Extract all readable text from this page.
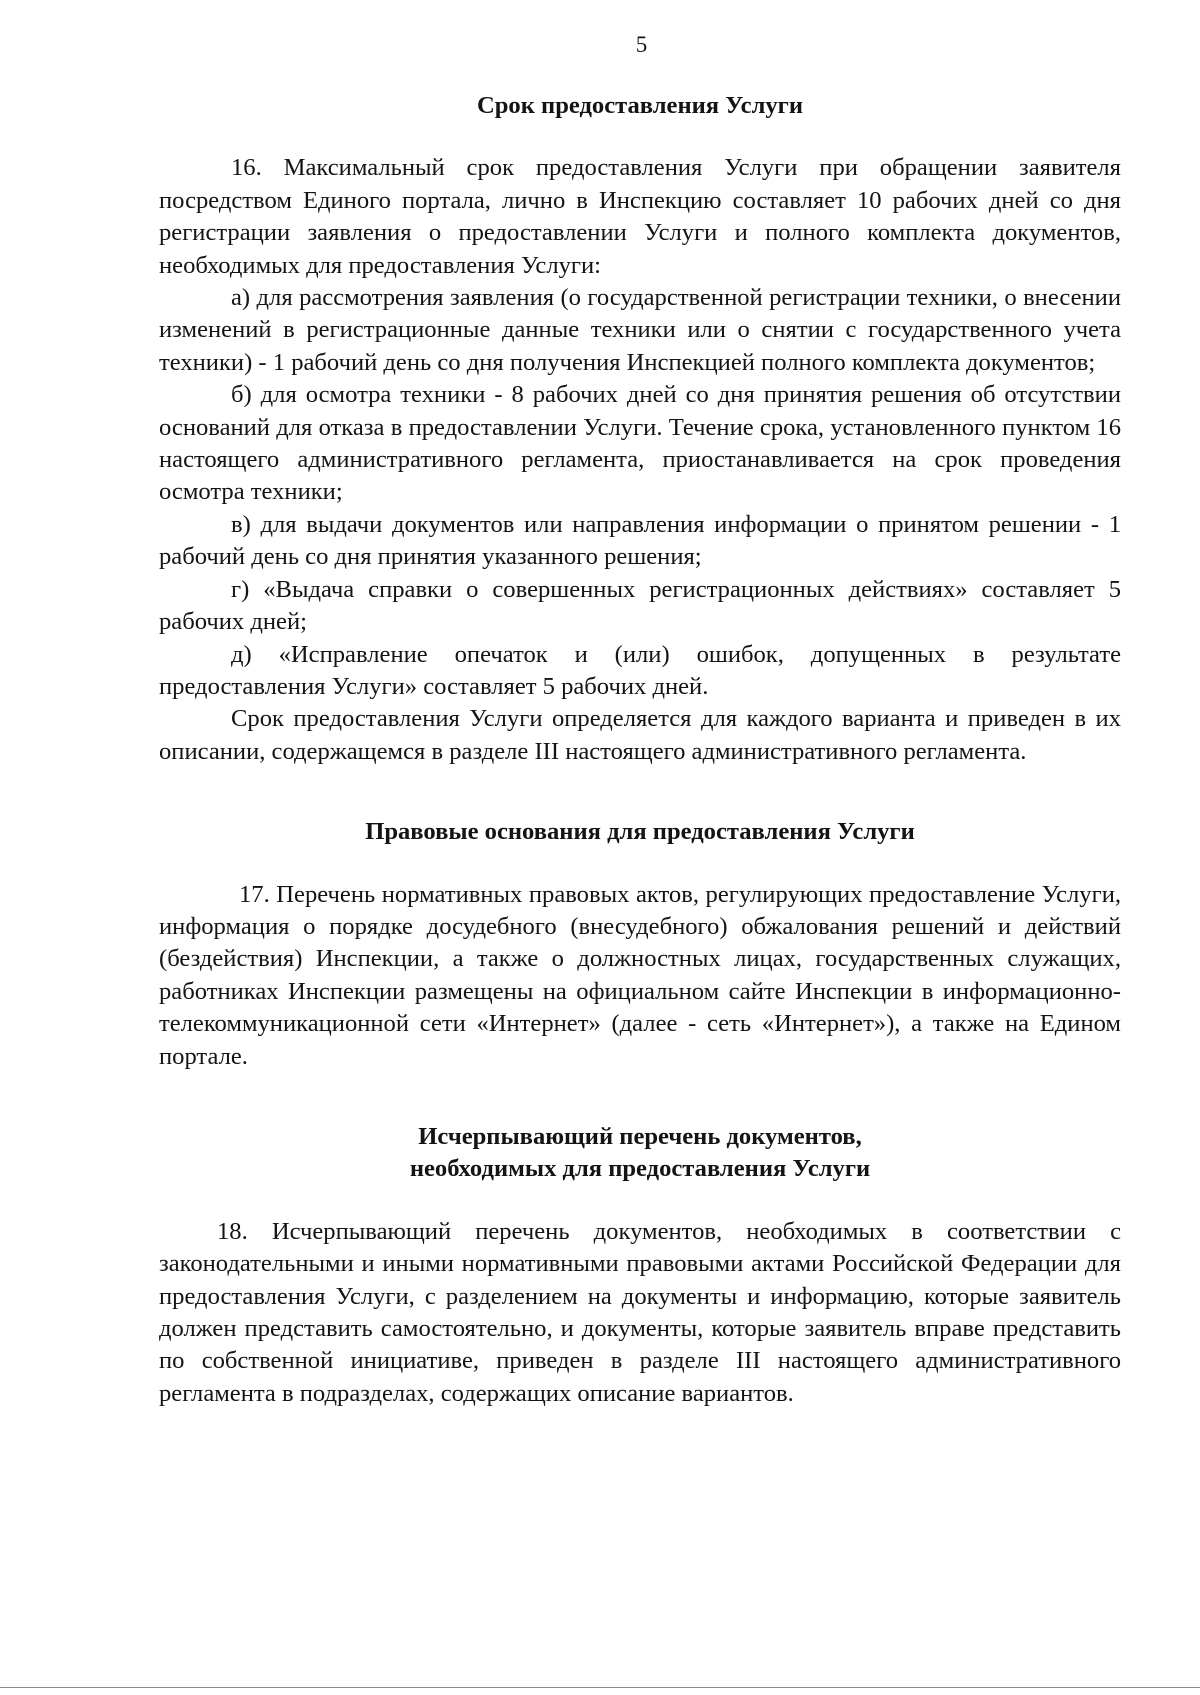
5

Срок предоставления Услуги

16. Максимальный срок предоставления Услуги при обращении заявителя посредством Единого портала, лично в Инспекцию составляет 10 рабочих дней со дня регистрации заявления о предоставлении Услуги и полного комплекта документов, необходимых для предоставления Услуги:

а) для рассмотрения заявления (о государственной регистрации техники, о внесении изменений в регистрационные данные техники или о снятии с государственного учета техники) - 1 рабочий день со дня получения Инспекцией полного комплекта документов;

б) для осмотра техники - 8 рабочих дней со дня принятия решения об отсутствии оснований для отказа в предоставлении Услуги. Течение срока, установленного пунктом 16 настоящего административного регламента, приостанавливается на срок проведения осмотра техники;

в) для выдачи документов или направления информации о принятом решении - 1 рабочий день со дня принятия указанного решения;

г) «Выдача справки о совершенных регистрационных действиях» составляет 5 рабочих дней;

д) «Исправление опечаток и (или) ошибок, допущенных в результате предоставления Услуги» составляет 5 рабочих дней.

Срок предоставления Услуги определяется для каждого варианта и приведен в их описании, содержащемся в разделе III настоящего административного регламента.

Правовые основания для предоставления Услуги

17. Перечень нормативных правовых актов, регулирующих предоставление Услуги, информация о порядке досудебного (внесудебного) обжалования решений и действий (бездействия) Инспекции, а также о должностных лицах, государственных служащих, работниках Инспекции размещены на официальном сайте Инспекции в информационно-телекоммуникационной сети «Интернет» (далее - сеть «Интернет»), а также на Едином портале.

Исчерпывающий перечень документов,
необходимых для предоставления Услуги

18. Исчерпывающий перечень документов, необходимых в соответствии с законодательными и иными нормативными правовыми актами Российской Федерации для предоставления Услуги, с разделением на документы и информацию, которые заявитель должен представить самостоятельно, и документы, которые заявитель вправе представить по собственной инициативе, приведен в разделе III настоящего административного регламента в подразделах, содержащих описание вариантов.
